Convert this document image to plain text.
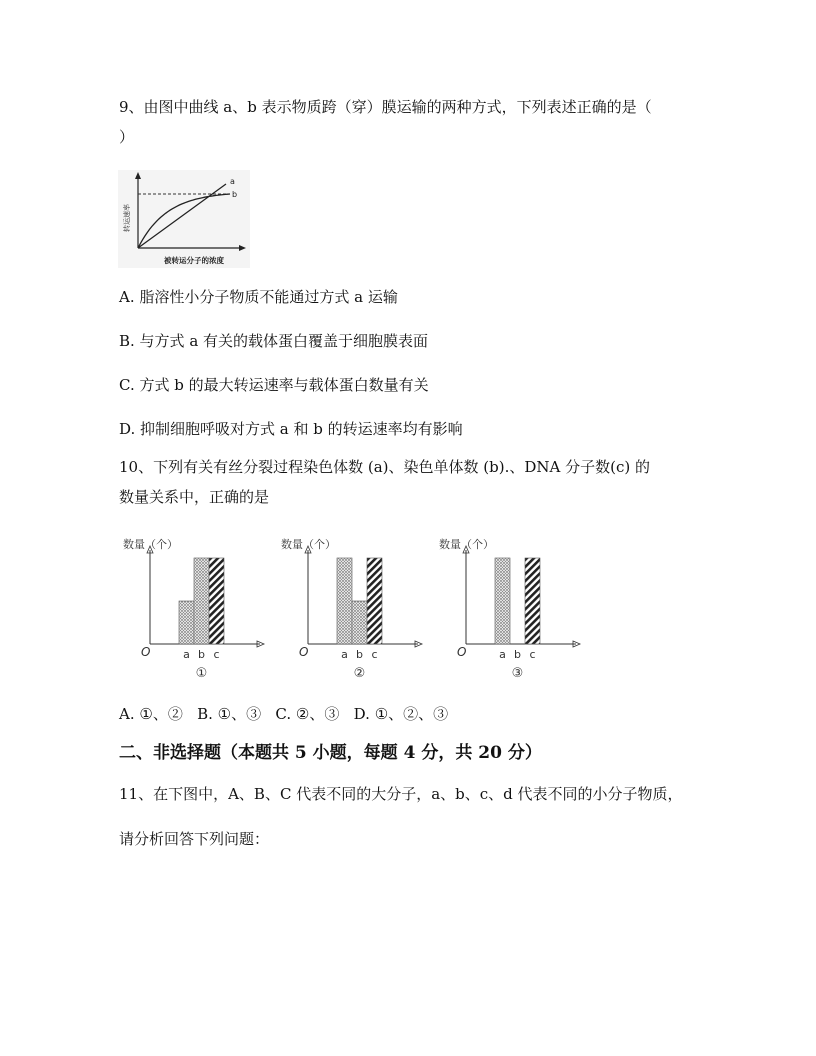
9、由图中曲线 a、b 表示物质跨（穿）膜运输的两种方式，下列表述正确的是（
）
a
b
转运速率
被转运分子的浓度
A. 脂溶性小分子物质不能通过方式 a 运输
B. 与方式 a 有关的载体蛋白覆盖于细胞膜表面
C. 方式 b 的最大转运速率与载体蛋白数量有关
D. 抑制细胞呼吸对方式 a 和 b 的转运速率均有影响
10、下列有关有丝分裂过程染色体数 (a)、染色单体数 (b).、DNA 分子数(c) 的
数量关系中，正确的是
数量（个）
O	a b c
①
数量（个）
O	a b c
②
数量（个）
O	a b c
③
A. ①、②   B. ①、③   C. ②、③   D. ①、②、③
二、非选择题（本题共 5 小题，每题 4 分，共 20 分）
11、在下图中，A、B、C 代表不同的大分子，a、b、c、d 代表不同的小分子物质，
请分析回答下列问题：
